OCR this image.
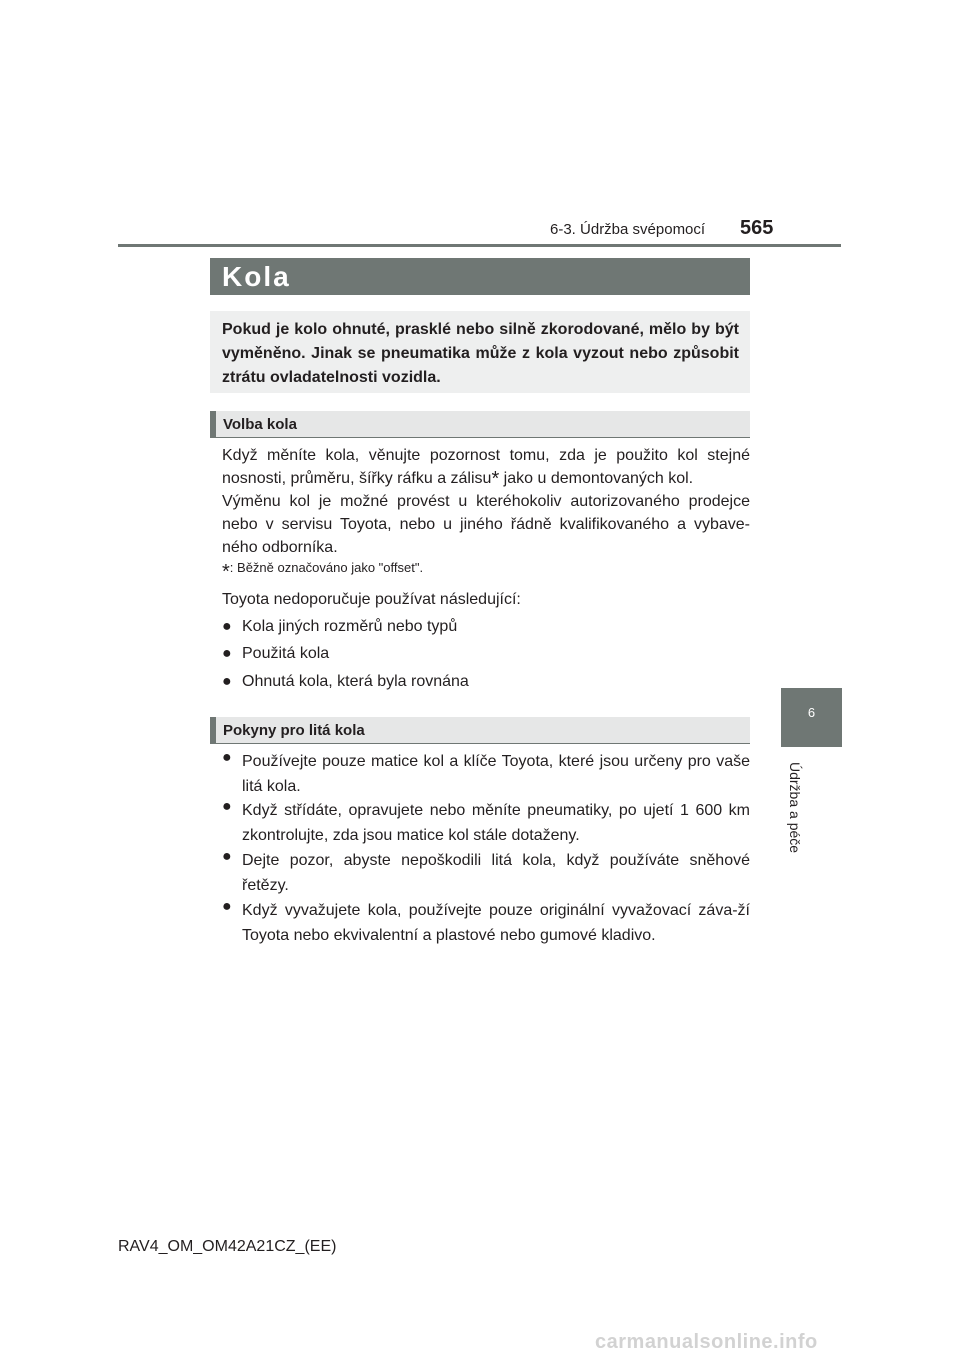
6-3. Údržba svépomocí 565
6
Údržba a péče
Kola
Pokud je kolo ohnuté, prasklé nebo silně zkorodované, mělo by být vyměněno. Jinak se pneumatika může z kola vyzout nebo způsobit ztrátu ovladatelnosti vozidla.
Volba kola
Když měníte kola, věnujte pozornost tomu, zda je použito kol stejné nosnosti, průměru, šířky ráfku a zálisu* jako u demontovaných kol.
Výměnu kol je možné provést u kteréhokoliv autorizovaného prodejce nebo v servisu Toyota, nebo u jiného řádně kvalifikovaného a vybave-ného odborníka.
*: Běžně označováno jako "offset".
Toyota nedoporučuje používat následující:
● Kola jiných rozměrů nebo typů
● Použitá kola
● Ohnutá kola, která byla rovnána
Pokyny pro litá kola
● Používejte pouze matice kol a klíče Toyota, které jsou určeny pro vaše litá kola.
● Když střídáte, opravujete nebo měníte pneumatiky, po ujetí 1 600 km zkontrolujte, zda jsou matice kol stále dotaženy.
● Dejte pozor, abyste nepoškodili litá kola, když používáte sněhové řetězy.
● Když vyvažujete kola, používejte pouze originální vyvažovací záva-ží Toyota nebo ekvivalentní a plastové nebo gumové kladivo.
RAV4_OM_OM42A21CZ_(EE)
carmanualsonline.info
